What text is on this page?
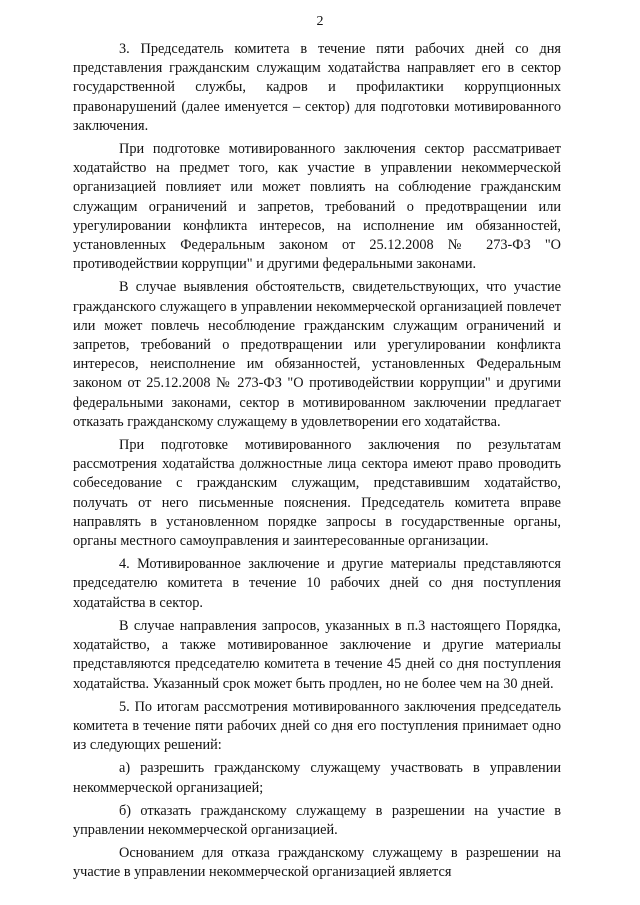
2

3. Председатель комитета в течение пяти рабочих дней со дня представления гражданским служащим ходатайства направляет его в сектор государственной службы, кадров и профилактики коррупционных правонарушений (далее именуется – сектор) для подготовки мотивированного заключения.

При подготовке мотивированного заключения сектор рассматривает ходатайство на предмет того, как участие в управлении некоммерческой организацией повлияет или может повлиять на соблюдение гражданским служащим ограничений и запретов, требований о предотвращении или урегулировании конфликта интересов, на исполнение им обязанностей, установленных Федеральным законом от 25.12.2008 № 273-ФЗ "О противодействии коррупции" и другими федеральными законами.

В случае выявления обстоятельств, свидетельствующих, что участие гражданского служащего в управлении некоммерческой организацией повлечет или может повлечь несоблюдение гражданским служащим ограничений и запретов, требований о предотвращении или урегулировании конфликта интересов, неисполнение им обязанностей, установленных Федеральным законом от 25.12.2008 № 273-ФЗ "О противодействии коррупции" и другими федеральными законами, сектор в мотивированном заключении предлагает отказать гражданскому служащему в удовлетворении его ходатайства.

При подготовке мотивированного заключения по результатам рассмотрения ходатайства должностные лица сектора имеют право проводить собеседование с гражданским служащим, представившим ходатайство, получать от него письменные пояснения. Председатель комитета вправе направлять в установленном порядке запросы в государственные органы, органы местного самоуправления и заинтересованные организации.

4. Мотивированное заключение и другие материалы представляются председателю комитета в течение 10 рабочих дней со дня поступления ходатайства в сектор.

В случае направления запросов, указанных в п.3 настоящего Порядка, ходатайство, а также мотивированное заключение и другие материалы представляются председателю комитета в течение 45 дней со дня поступления ходатайства. Указанный срок может быть продлен, но не более чем на 30 дней.

5. По итогам рассмотрения мотивированного заключения председатель комитета в течение пяти рабочих дней со дня его поступления принимает одно из следующих решений:

а) разрешить гражданскому служащему участвовать в управлении некоммерческой организацией;

б) отказать гражданскому служащему в разрешении на участие в управлении некоммерческой организацией.

Основанием для отказа гражданскому служащему в разрешении на участие в управлении некоммерческой организацией является
